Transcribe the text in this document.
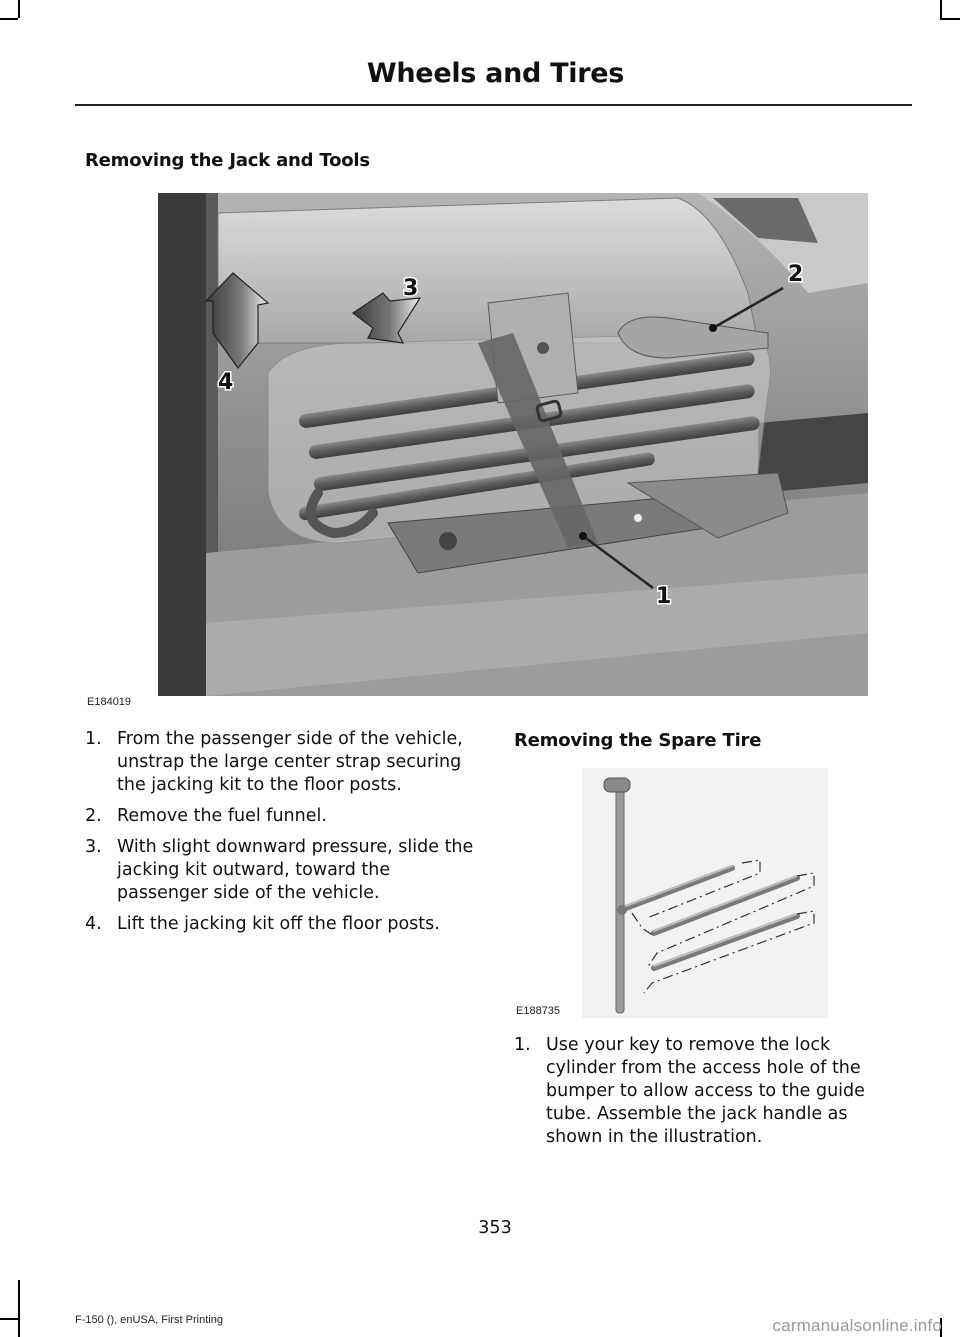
Wheels and Tires
Removing the Jack and Tools
1
2
3
4
E184019
1. From the passenger side of the vehicle, unstrap the large center strap securing the jacking kit to the floor posts.
2. Remove the fuel funnel.
3. With slight downward pressure, slide the jacking kit outward, toward the passenger side of the vehicle.
4. Lift the jacking kit off the floor posts.
Removing the Spare Tire
E188735
1. Use your key to remove the lock cylinder from the access hole of the bumper to allow access to the guide tube. Assemble the jack handle as shown in the illustration.
353
F-150 (), enUSA, First Printing	carmanualsonline.info
